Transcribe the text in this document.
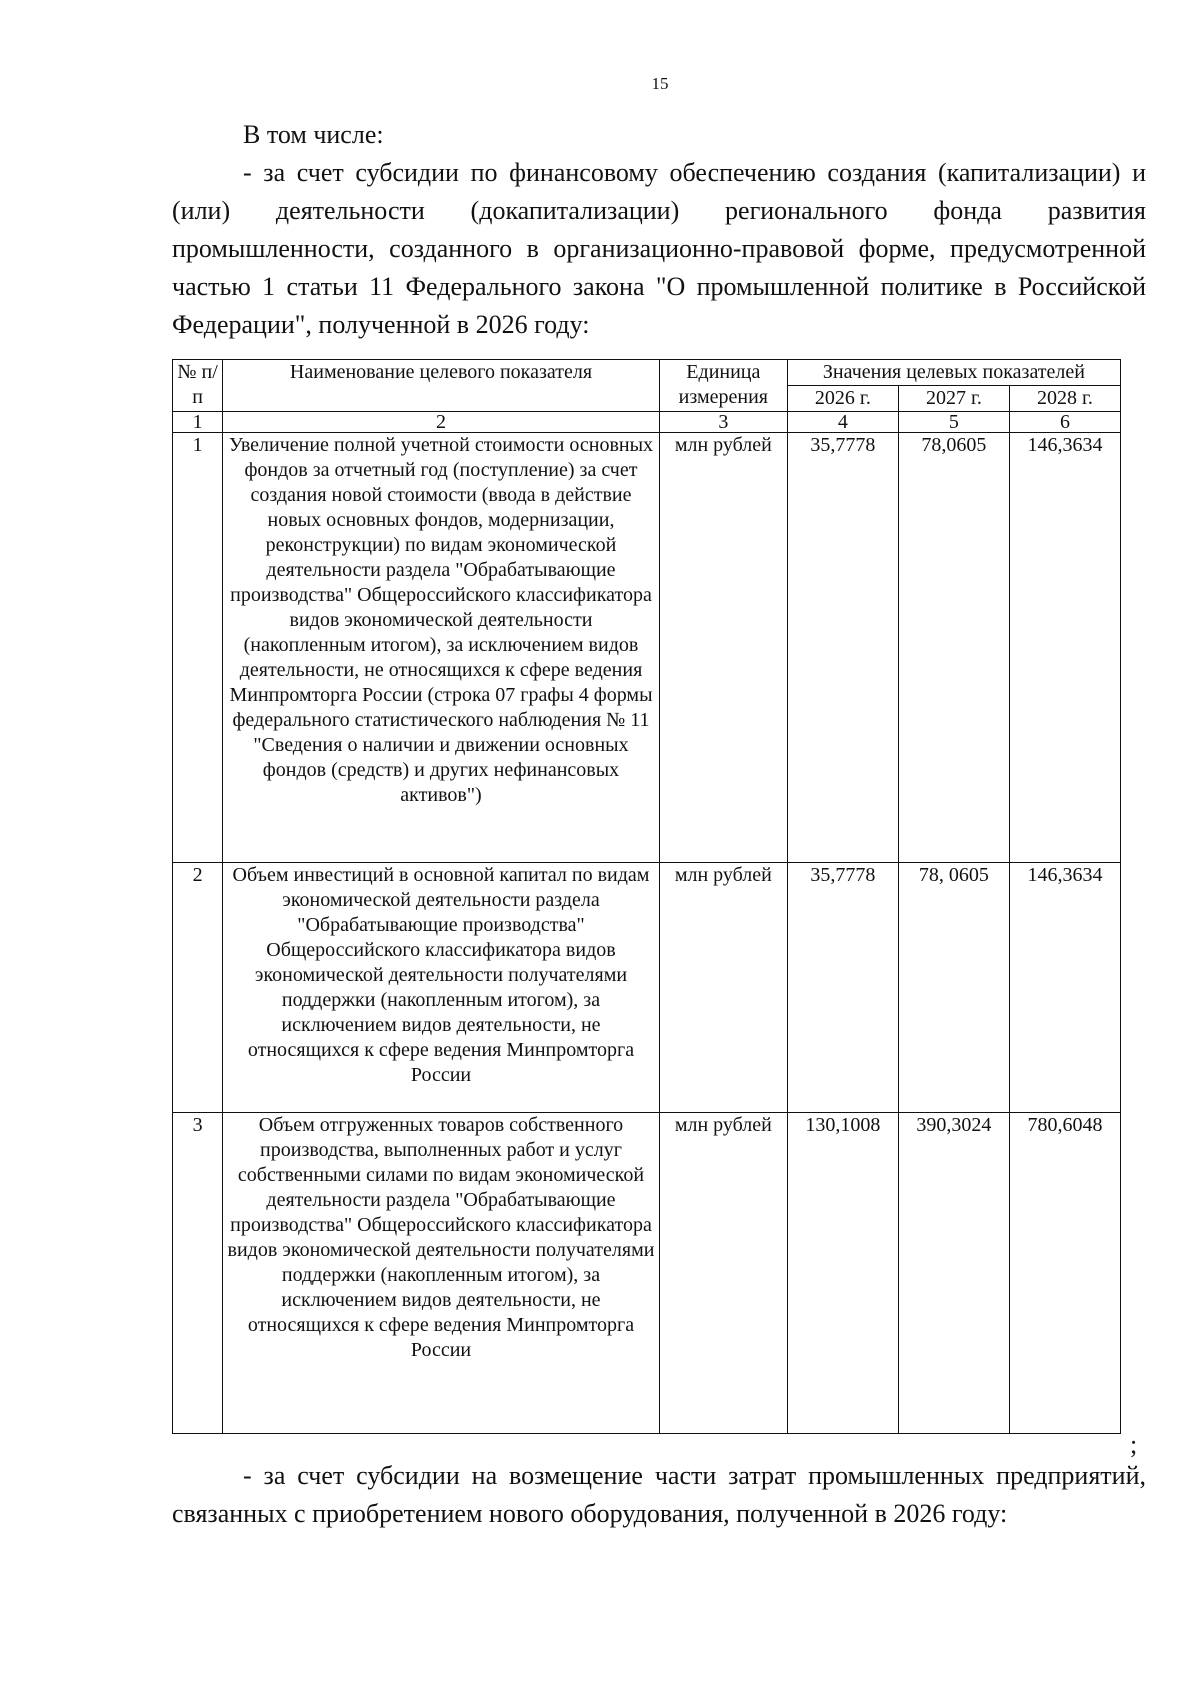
15

В том числе:

- за счет субсидии по финансовому обеспечению создания (капитализации) и (или) деятельности (докапитализации) регионального фонда развития промышленности, созданного в организационно-правовой форме, предусмотренной частью 1 статьи 11 Федерального закона "О промышленной политике в Российской Федерации", полученной в 2026 году:

№ п/п	Наименование целевого показателя	Единица измерения	Значения целевых показателей		
			2026 г.	2027 г.	2028 г.
1	2	3	4	5	6
1	Увеличение полной учетной стоимости основных фондов за отчетный год (поступление) за счет создания новой стоимости (ввода в действие новых основных фондов, модернизации, реконструкции) по видам экономической деятельности раздела "Обрабатывающие производства" Общероссийского классификатора видов экономической деятельности (накопленным итогом), за исключением видов деятельности, не относящихся к сфере ведения Минпромторга России (строка 07 графы 4 формы федерального статистического наблюдения № 11 "Сведения о наличии и движении основных фондов (средств) и других нефинансовых активов")	млн рублей	35,7778	78,0605	146,3634
2	Объем инвестиций в основной капитал по видам экономической деятельности раздела "Обрабатывающие производства" Общероссийского классификатора видов экономической деятельности получателями поддержки (накопленным итогом), за исключением видов деятельности, не относящихся к сфере ведения Минпромторга России	млн рублей	35,7778	78, 0605	146,3634
3	Объем отгруженных товаров собственного производства, выполненных работ и услуг собственными силами по видам экономической деятельности раздела "Обрабатывающие производства" Общероссийского классификатора видов экономической деятельности получателями поддержки (накопленным итогом), за исключением видов деятельности, не относящихся к сфере ведения Минпромторга России	млн рублей	130,1008	390,3024	780,6048
;

- за счет субсидии на возмещение части затрат промышленных предприятий, связанных с приобретением нового оборудования, полученной в 2026 году:
